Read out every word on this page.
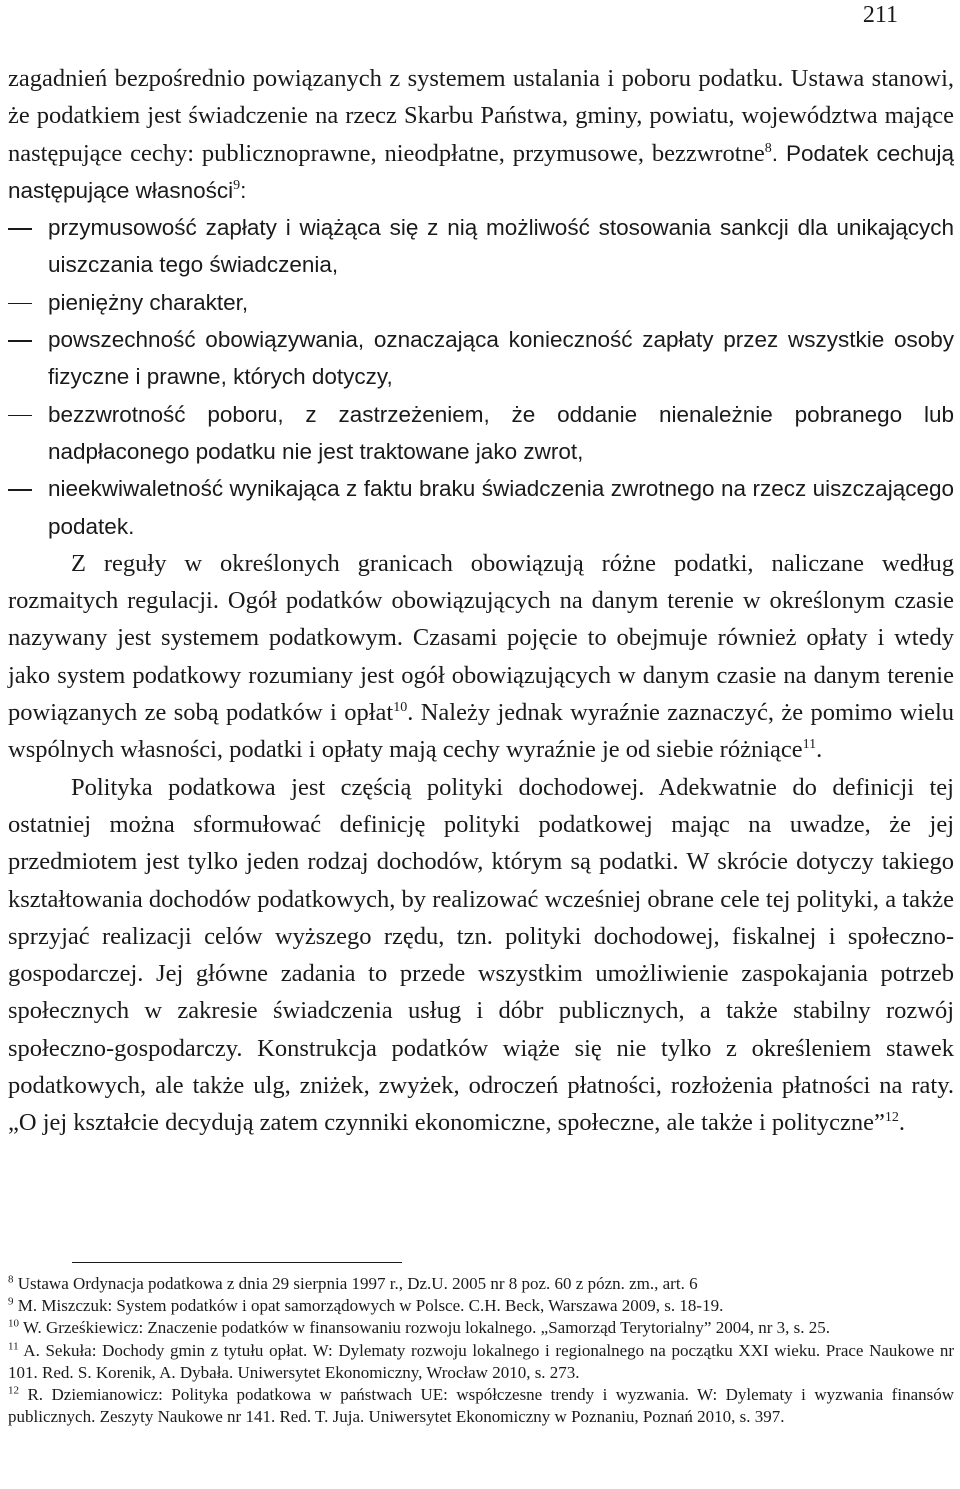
211

zagadnień bezpośrednio powiązanych z systemem ustalania i poboru podatku. Ustawa stanowi, że podatkiem jest świadczenie na rzecz Skarbu Państwa, gminy, powiatu, województwa mające następujące cechy: publicznoprawne, nieodpłatne, przymusowe, bezzwrotne$^8$. Podatek cechują następujące własności$^9$:

przymusowość zapłaty i wiążąca się z nią możliwość stosowania sankcji dla unikających uiszczania tego świadczenia,
pieniężny charakter,
powszechność obowiązywania, oznaczająca konieczność zapłaty przez wszystkie osoby fizyczne i prawne, których dotyczy,
bezzwrotność poboru, z zastrzeżeniem, że oddanie nienależnie pobranego lub nadpłaconego podatku nie jest traktowane jako zwrot,
nieekwiwaletność wynikająca z faktu braku świadczenia zwrotnego na rzecz uiszczającego podatek.

Z reguły w określonych granicach obowiązują różne podatki, naliczane według rozmaitych regulacji. Ogół podatków obowiązujących na danym terenie w określonym czasie nazywany jest systemem podatkowym. Czasami pojęcie to obejmuje również opłaty i wtedy jako system podatkowy rozumiany jest ogół obowiązujących w danym czasie na danym terenie powiązanych ze sobą podatków i opłat$^{10}$. Należy jednak wyraźnie zaznaczyć, że pomimo wielu wspólnych własności, podatki i opłaty mają cechy wyraźnie je od siebie różniące$^{11}$.

Polityka podatkowa jest częścią polityki dochodowej. Adekwatnie do definicji tej ostatniej można sformułować definicję polityki podatkowej mając na uwadze, że jej przedmiotem jest tylko jeden rodzaj dochodów, którym są podatki. W skrócie dotyczy takiego kształtowania dochodów podatkowych, by realizować wcześniej obrane cele tej polityki, a także sprzyjać realizacji celów wyższego rzędu, tzn. polityki dochodowej, fiskalnej i społeczno-gospodarczej. Jej główne zadania to przede wszystkim umożliwienie zaspokajania potrzeb społecznych w zakresie świadczenia usług i dóbr publicznych, a także stabilny rozwój społeczno-gospodarczy. Konstrukcja podatków wiąże się nie tylko z określeniem stawek podatkowych, ale także ulg, zniżek, zwyżek, odroczeń płatności, rozłożenia płatności na raty. „O jej kształcie decydują zatem czynniki ekonomiczne, społeczne, ale także i polityczne”$^{12}$.

$^8$ Ustawa Ordynacja podatkowa z dnia 29 sierpnia 1997 r., Dz.U. 2005 nr 8 poz. 60 z pózn. zm., art. 6
$^9$ M. Miszczuk: System podatków i opat samorządowych w Polsce. C.H. Beck, Warszawa 2009, s. 18-19.
$^{10}$ W. Grześkiewicz: Znaczenie podatków w finansowaniu rozwoju lokalnego. „Samorząd Terytorialny” 2004, nr 3, s. 25.
$^{11}$ A. Sekuła: Dochody gmin z tytułu opłat. W: Dylematy rozwoju lokalnego i regionalnego na początku XXI wieku. Prace Naukowe nr 101. Red. S. Korenik, A. Dybała. Uniwersytet Ekonomiczny, Wrocław 2010, s. 273.
$^{12}$ R. Dziemianowicz: Polityka podatkowa w państwach UE: współczesne trendy i wyzwania. W: Dylematy i wyzwania finansów publicznych. Zeszyty Naukowe nr 141. Red. T. Juja. Uniwersytet Ekonomiczny w Poznaniu, Poznań 2010, s. 397.
